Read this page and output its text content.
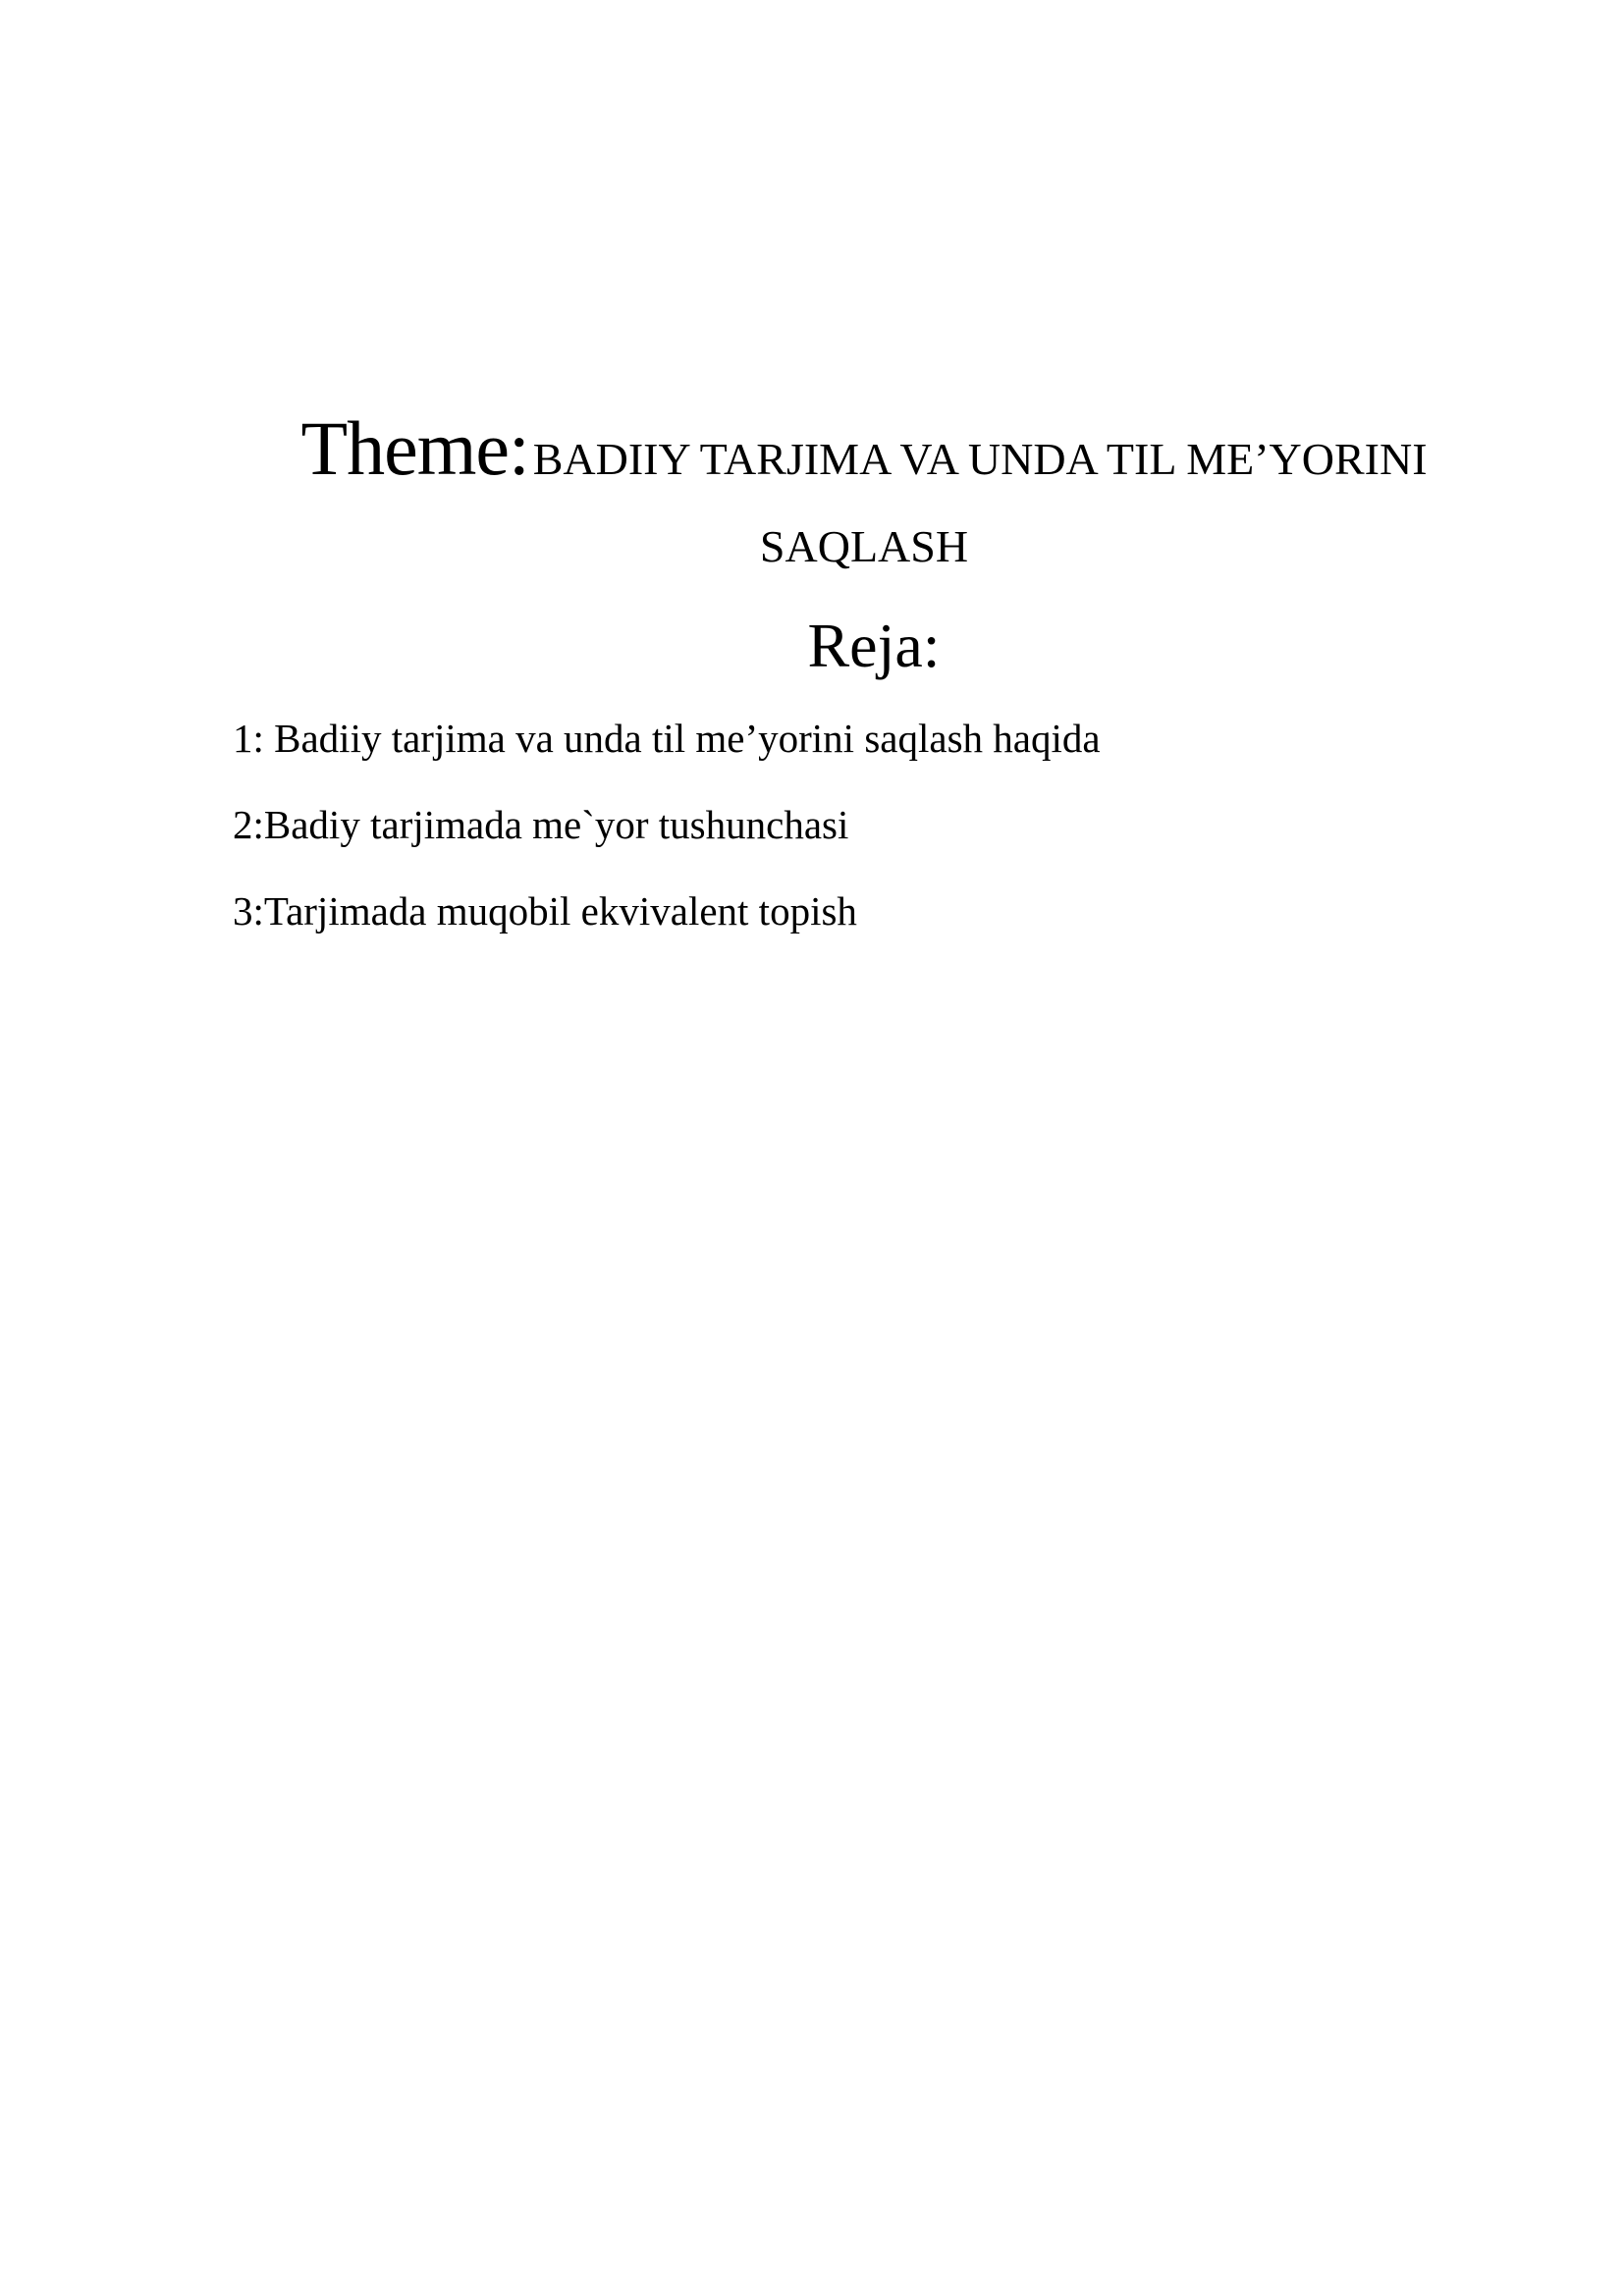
Theme: BADIIY TARJIMA VA UNDA TIL ME’YORINI
SAQLASH
Reja:
1: Badiiy tarjima va unda til me’yorini saqlash haqida
2:Badiy tarjimada me`yor tushunchasi
3:Tarjimada muqobil ekvivalent topish
